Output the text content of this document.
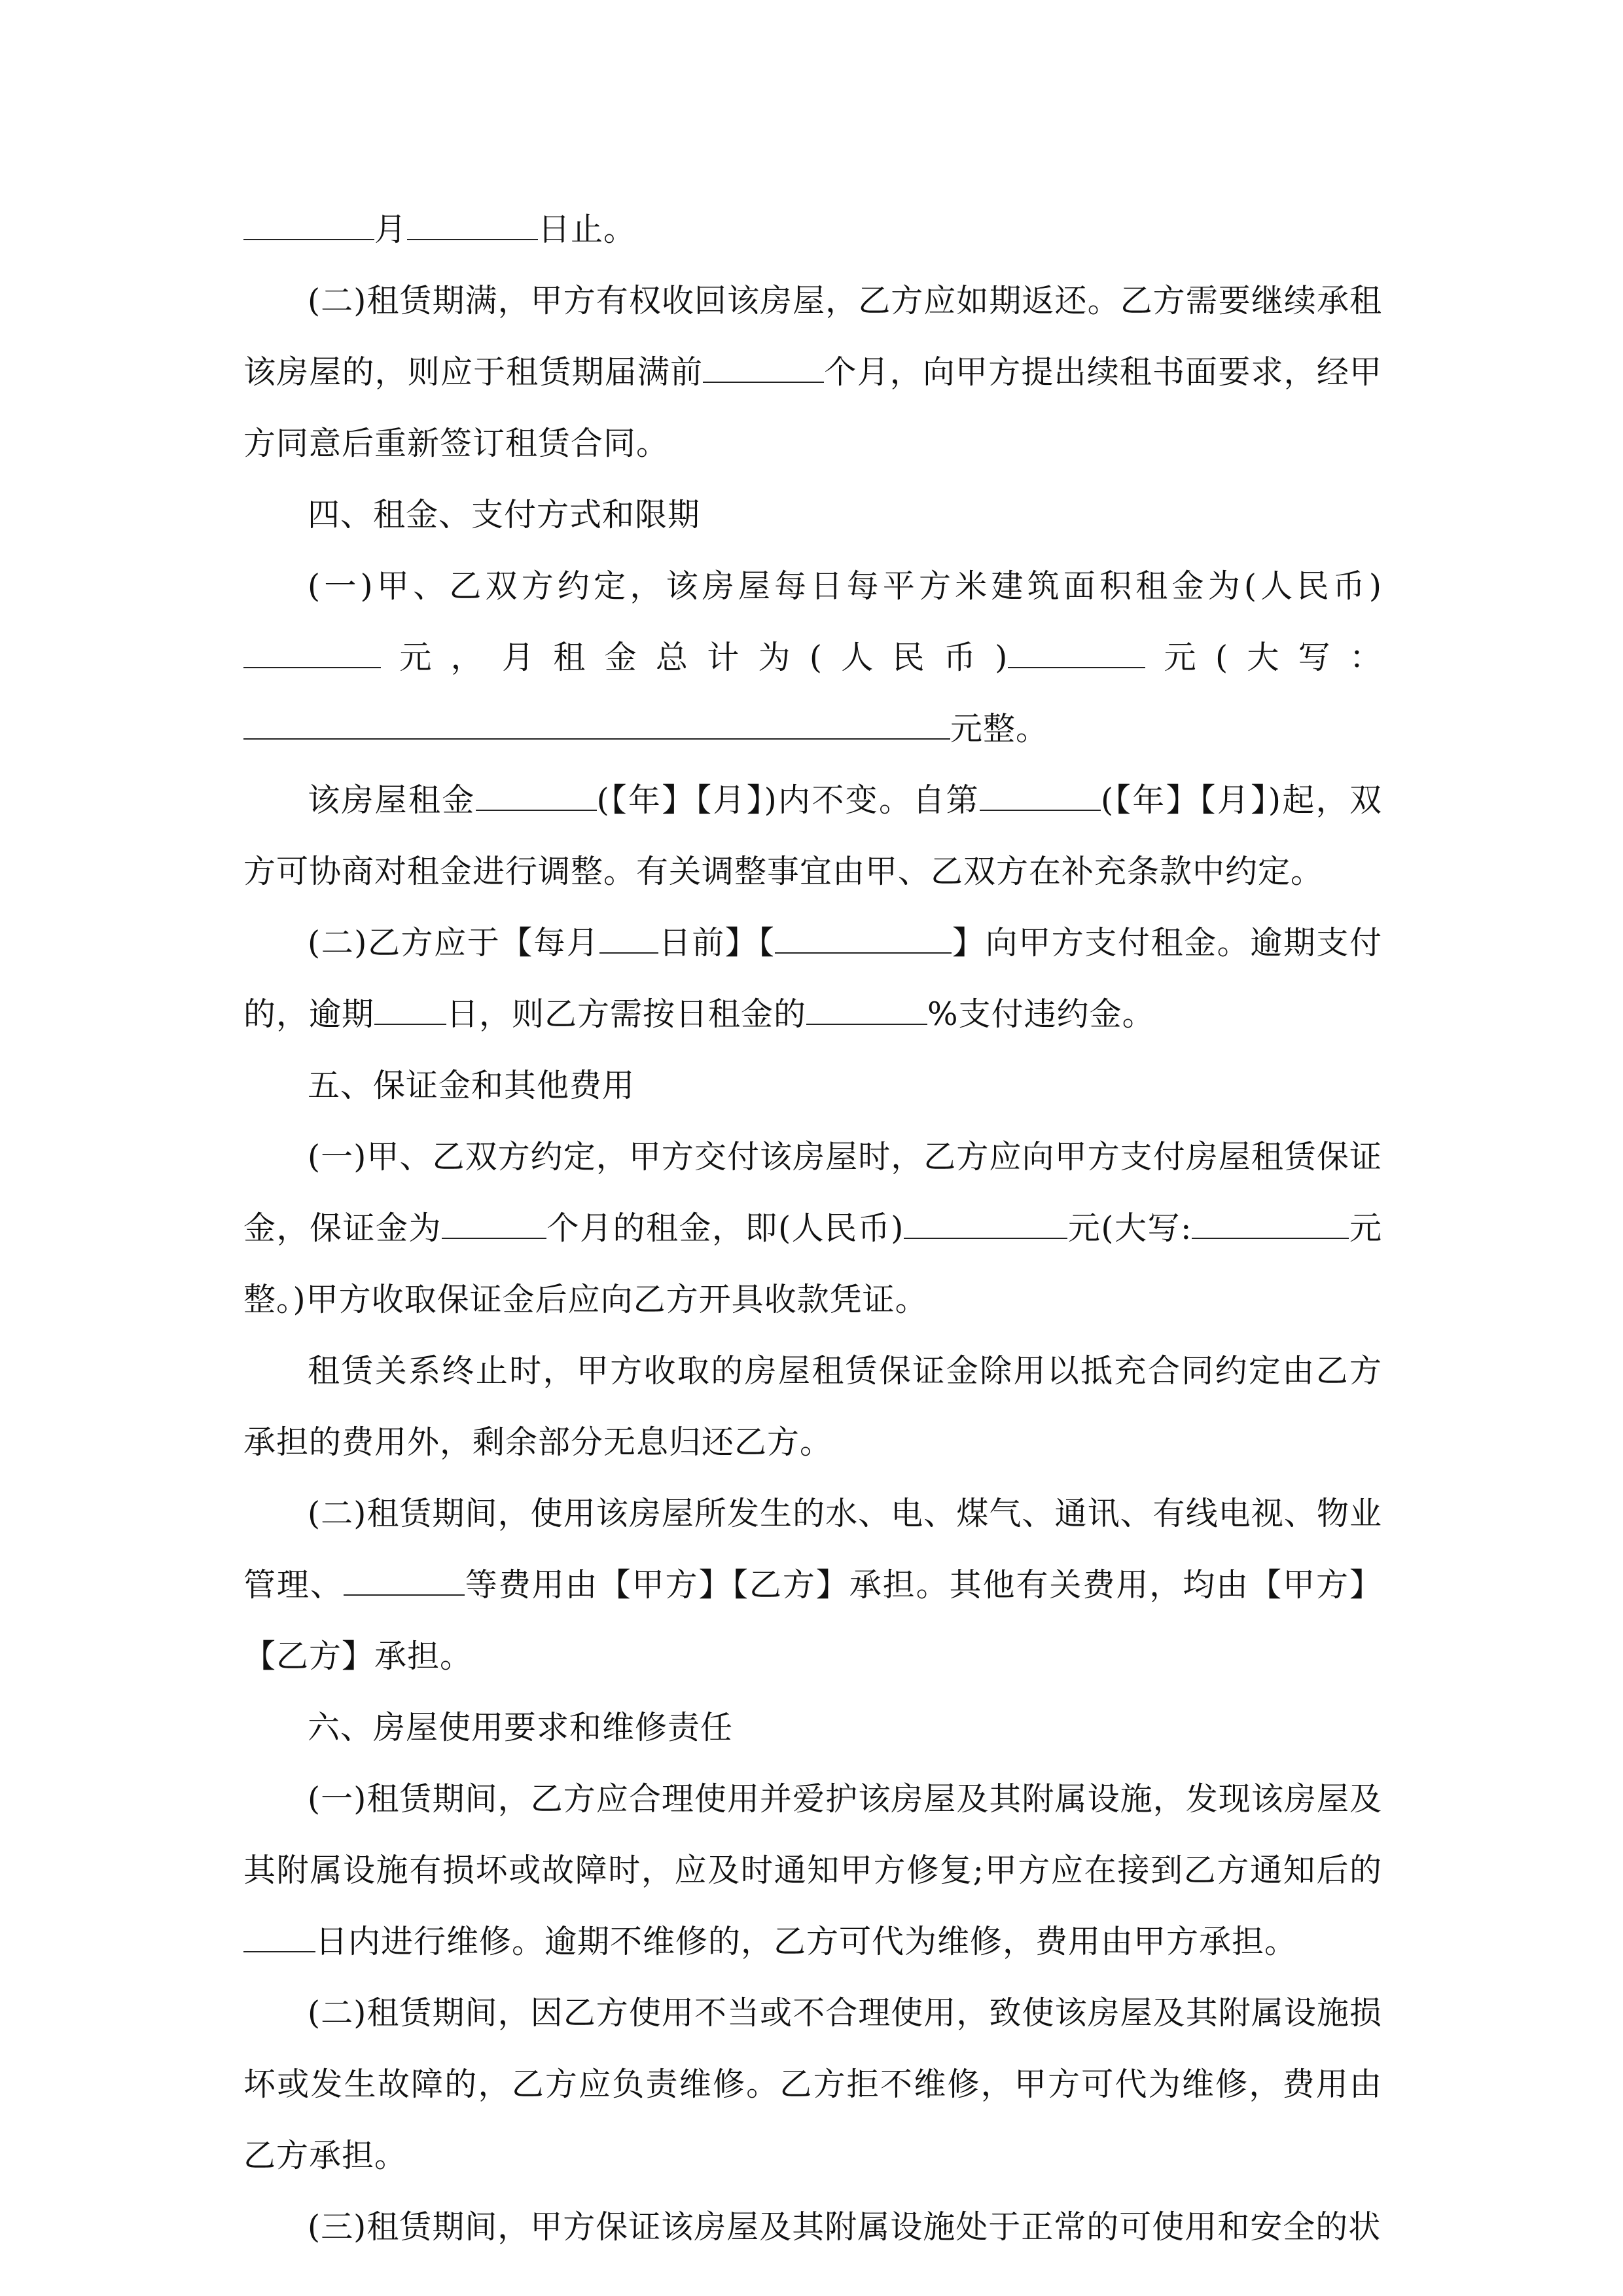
月	日止。

(二)租赁期满，甲方有权收回该房屋，乙方应如期返还。乙方需要继续承租该房屋的，则应于租赁期届满前	个月，向甲方提出续租书面要求，经甲方同意后重新签订租赁合同。

四、租金、支付方式和限期

(一)甲、乙双方约定，该房屋每日每平方米建筑面积租金为(人民币)元，月租金总计为(人民币)	元(大写：元整。

该房屋租金	(【年】【月】)内不变。自第	(【年】【月】)起，双方可协商对租金进行调整。有关调整事宜由甲、乙双方在补充条款中约定。

(二)乙方应于【每月 日前】【	】向甲方支付租金。逾期支付的，逾期 日，则乙方需按日租金的	%支付违约金。

五、保证金和其他费用

(一)甲、乙双方约定，甲方交付该房屋时，乙方应向甲方支付房屋租赁保证金，保证金为	个月的租金，即(人民币)	元(大写:	元整。)甲方收取保证金后应向乙方开具收款凭证。

租赁关系终止时，甲方收取的房屋租赁保证金除用以抵充合同约定由乙方承担的费用外，剩余部分无息归还乙方。

(二)租赁期间，使用该房屋所发生的水、电、煤气、通讯、有线电视、物业管理、	等费用由【甲方】【乙方】承担。其他有关费用，均由【甲方】【乙方】承担。

六、房屋使用要求和维修责任

(一)租赁期间，乙方应合理使用并爱护该房屋及其附属设施，发现该房屋及其附属设施有损坏或故障时，应及时通知甲方修复;甲方应在接到乙方通知后的日内进行维修。逾期不维修的，乙方可代为维修，费用由甲方承担。

(二)租赁期间，因乙方使用不当或不合理使用，致使该房屋及其附属设施损坏或发生故障的，乙方应负责维修。乙方拒不维修，甲方可代为维修，费用由乙方承担。

(三)租赁期间，甲方保证该房屋及其附属设施处于正常的可使用和安全的状
